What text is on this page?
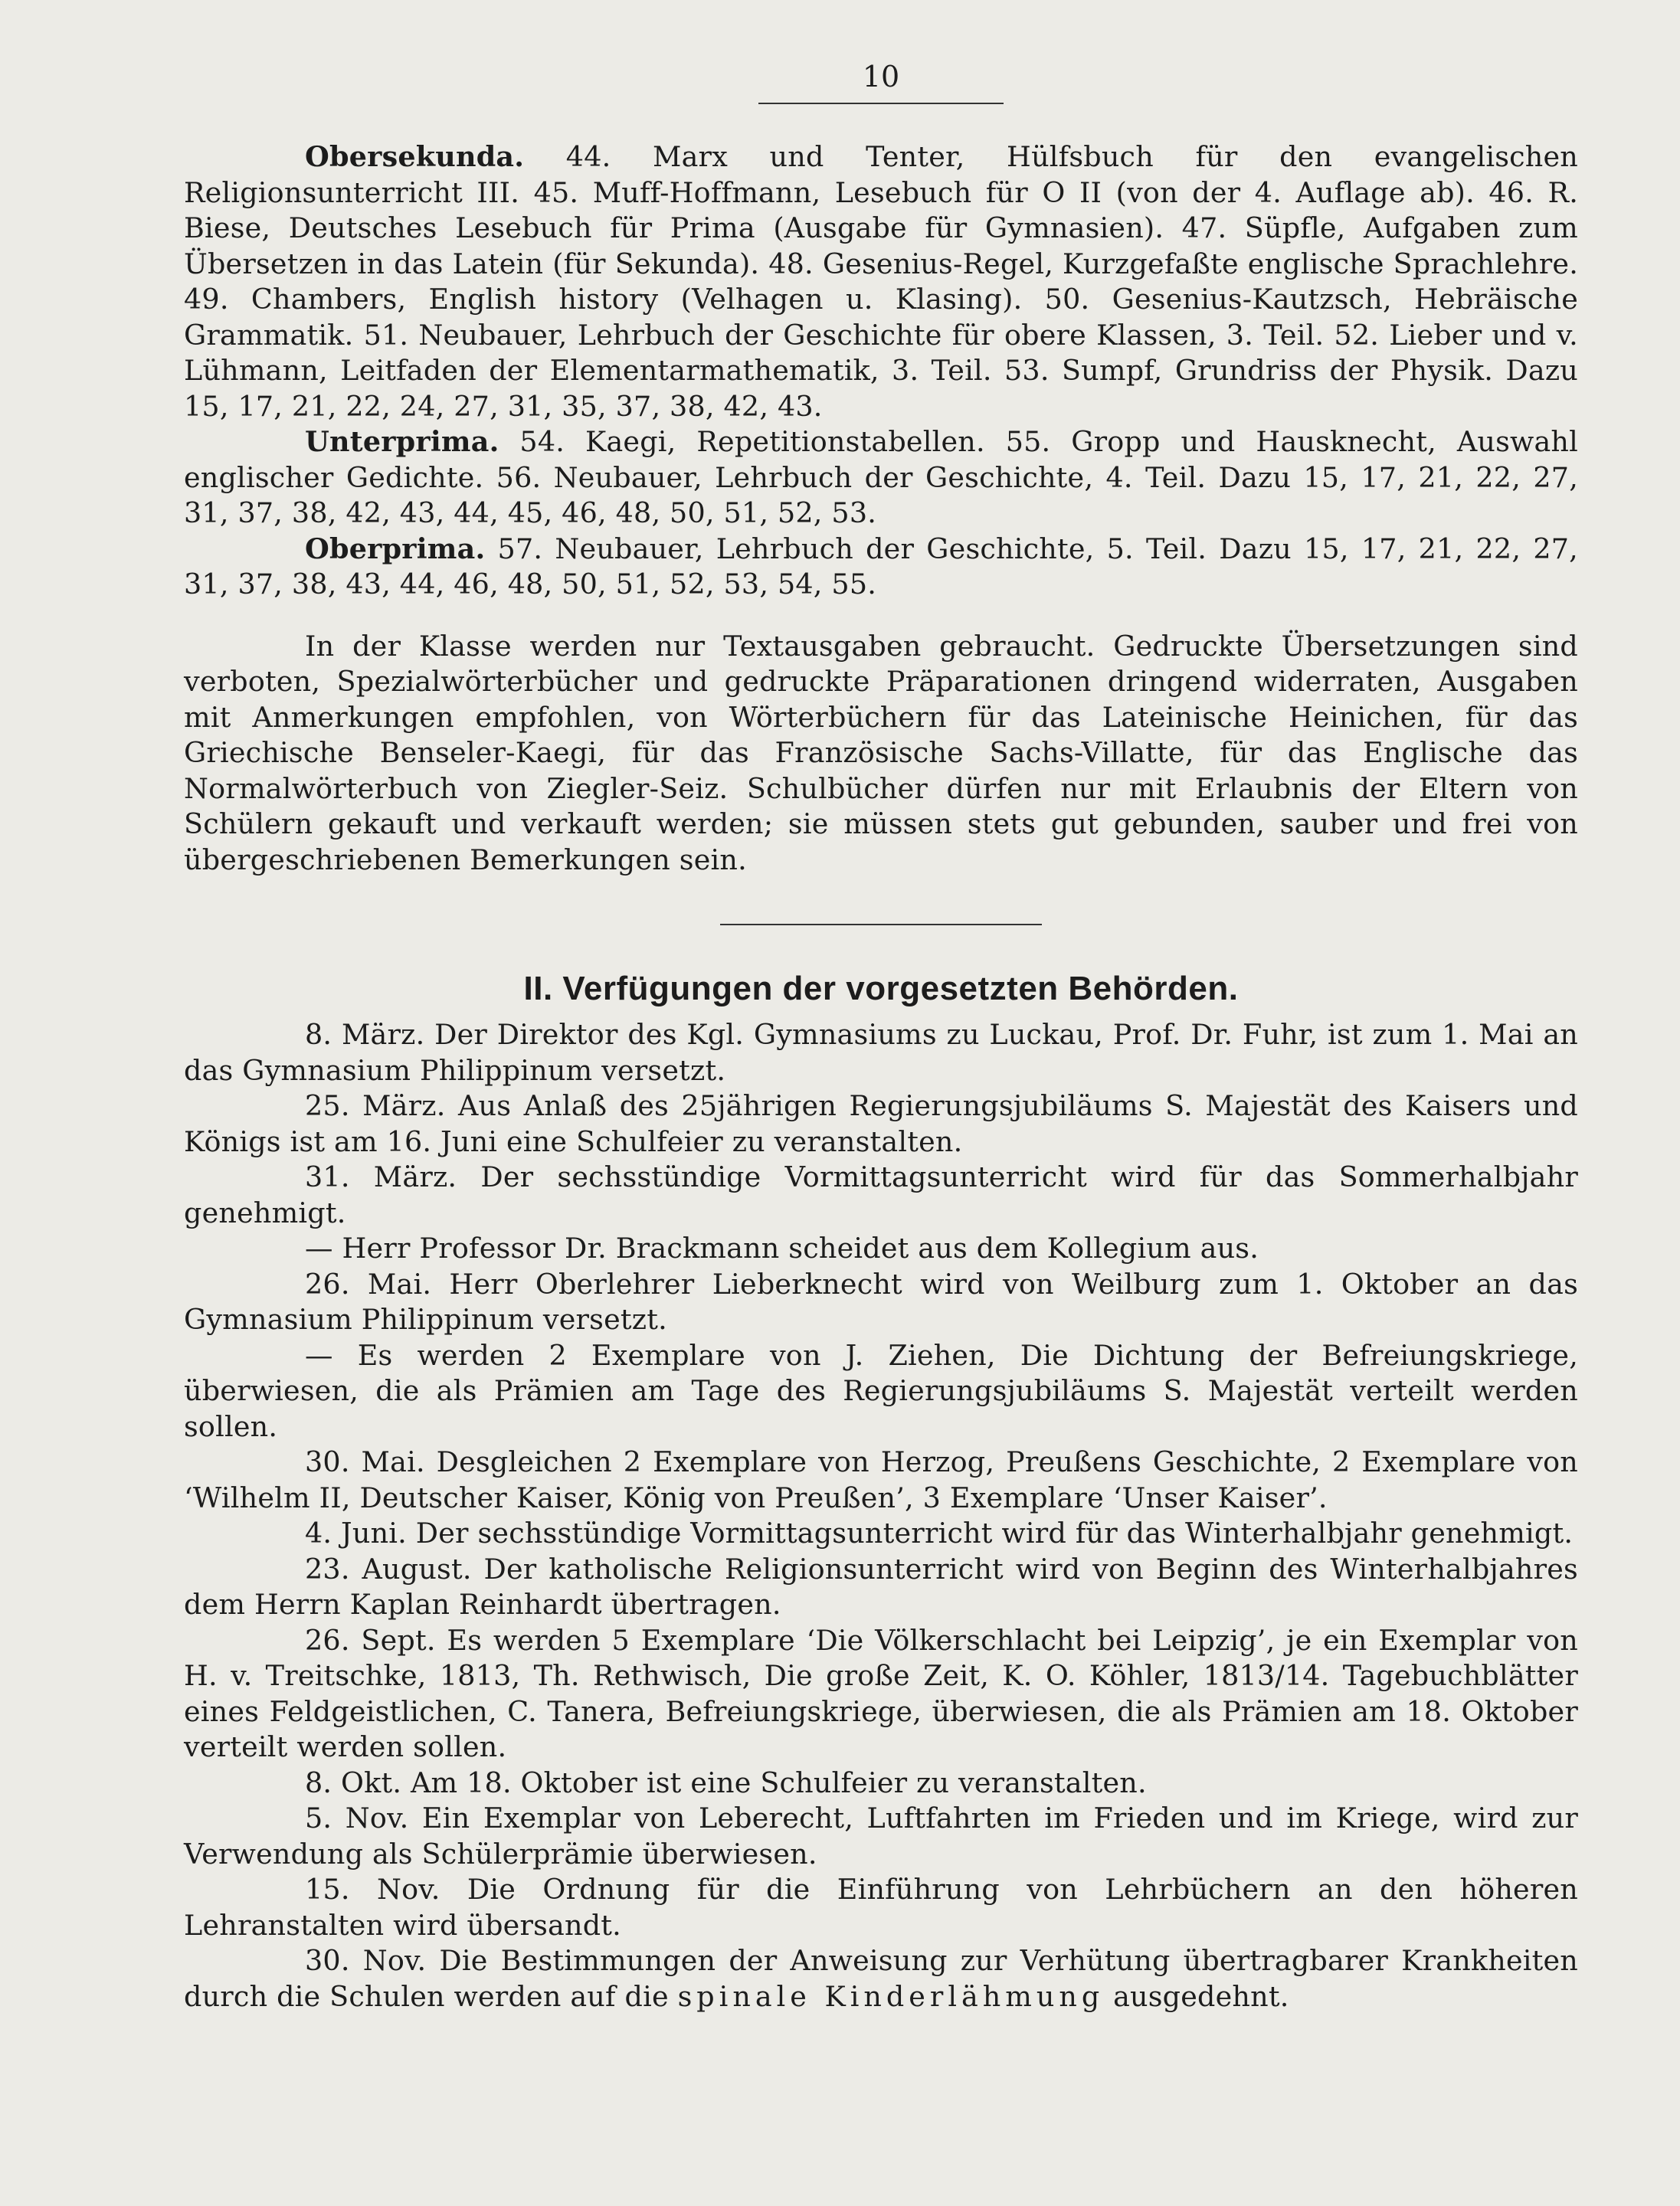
10

Obersekunda. 44. Marx und Tenter, Hülfsbuch für den evangelischen Religionsunterricht III. 45. Muff-Hoffmann, Lesebuch für O II (von der 4. Auflage ab). 46. R. Biese, Deutsches Lesebuch für Prima (Ausgabe für Gymnasien). 47. Süpfle, Aufgaben zum Übersetzen in das Latein (für Sekunda). 48. Gesenius-Regel, Kurzgefaßte englische Sprachlehre. 49. Chambers, English history (Velhagen u. Klasing). 50. Gesenius-Kautzsch, Hebräische Grammatik. 51. Neubauer, Lehrbuch der Geschichte für obere Klassen, 3. Teil. 52. Lieber und v. Lühmann, Leitfaden der Elementarmathematik, 3. Teil. 53. Sumpf, Grundriss der Physik. Dazu 15, 17, 21, 22, 24, 27, 31, 35, 37, 38, 42, 43.

Unterprima. 54. Kaegi, Repetitionstabellen. 55. Gropp und Hausknecht, Auswahl englischer Gedichte. 56. Neubauer, Lehrbuch der Geschichte, 4. Teil. Dazu 15, 17, 21, 22, 27, 31, 37, 38, 42, 43, 44, 45, 46, 48, 50, 51, 52, 53.

Oberprima. 57. Neubauer, Lehrbuch der Geschichte, 5. Teil. Dazu 15, 17, 21, 22, 27, 31, 37, 38, 43, 44, 46, 48, 50, 51, 52, 53, 54, 55.

In der Klasse werden nur Textausgaben gebraucht. Gedruckte Übersetzungen sind verboten, Spezialwörterbücher und gedruckte Präparationen dringend widerraten, Ausgaben mit Anmerkungen empfohlen, von Wörterbüchern für das Lateinische Heinichen, für das Griechische Benseler-Kaegi, für das Französische Sachs-Villatte, für das Englische das Normalwörterbuch von Ziegler-Seiz. Schulbücher dürfen nur mit Erlaubnis der Eltern von Schülern gekauft und verkauft werden; sie müssen stets gut gebunden, sauber und frei von übergeschriebenen Bemerkungen sein.

II. Verfügungen der vorgesetzten Behörden.

8. März. Der Direktor des Kgl. Gymnasiums zu Luckau, Prof. Dr. Fuhr, ist zum 1. Mai an das Gymnasium Philippinum versetzt.

25. März. Aus Anlaß des 25jährigen Regierungsjubiläums S. Majestät des Kaisers und Königs ist am 16. Juni eine Schulfeier zu veranstalten.

31. März. Der sechsstündige Vormittagsunterricht wird für das Sommerhalbjahr genehmigt.

— Herr Professor Dr. Brackmann scheidet aus dem Kollegium aus.

26. Mai. Herr Oberlehrer Lieberknecht wird von Weilburg zum 1. Oktober an das Gymnasium Philippinum versetzt.

— Es werden 2 Exemplare von J. Ziehen, Die Dichtung der Befreiungskriege, überwiesen, die als Prämien am Tage des Regierungsjubiläums S. Majestät verteilt werden sollen.

30. Mai. Desgleichen 2 Exemplare von Herzog, Preußens Geschichte, 2 Exemplare von ‘Wilhelm II, Deutscher Kaiser, König von Preußen’, 3 Exemplare ‘Unser Kaiser’.

4. Juni. Der sechsstündige Vormittagsunterricht wird für das Winterhalbjahr genehmigt.

23. August. Der katholische Religionsunterricht wird von Beginn des Winterhalbjahres dem Herrn Kaplan Reinhardt übertragen.

26. Sept. Es werden 5 Exemplare ‘Die Völkerschlacht bei Leipzig’, je ein Exemplar von H. v. Treitschke, 1813, Th. Rethwisch, Die große Zeit, K. O. Köhler, 1813/14. Tagebuchblätter eines Feldgeistlichen, C. Tanera, Befreiungskriege, überwiesen, die als Prämien am 18. Oktober verteilt werden sollen.

8. Okt. Am 18. Oktober ist eine Schulfeier zu veranstalten.

5. Nov. Ein Exemplar von Leberecht, Luftfahrten im Frieden und im Kriege, wird zur Verwendung als Schülerprämie überwiesen.

15. Nov. Die Ordnung für die Einführung von Lehrbüchern an den höheren Lehranstalten wird übersandt.

30. Nov. Die Bestimmungen der Anweisung zur Verhütung übertragbarer Krankheiten durch die Schulen werden auf die spinale Kinderlähmung ausgedehnt.
